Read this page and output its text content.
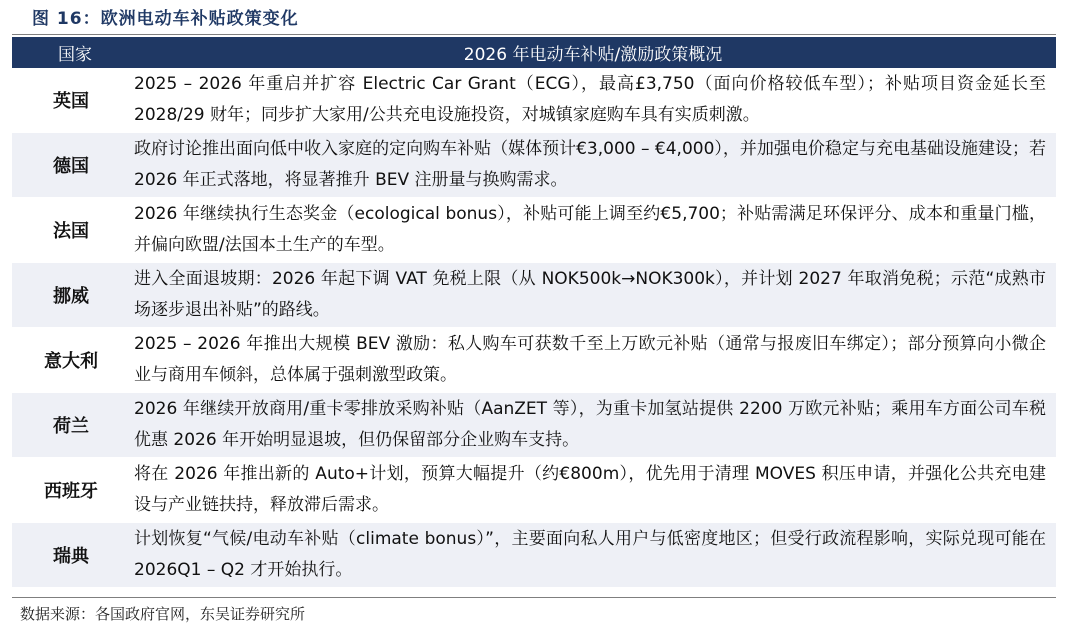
图 16：欧洲电动车补贴政策变化
国家	2026 年电动车补贴/激励政策概况
英国	2025 – 2026 年重启并扩容 Electric Car Grant（ECG），最高£3,750（面向价格较低车型）；补贴项目资金延长至 2028/29 财年；同步扩大家用/公共充电设施投资，对城镇家庭购车具有实质刺激。
德国	政府讨论推出面向低中收入家庭的定向购车补贴（媒体预计€3,000 – €4,000），并加强电价稳定与充电基础设施建设；若 2026 年正式落地，将显著推升 BEV 注册量与换购需求。
法国	2026 年继续执行生态奖金（ecological bonus），补贴可能上调至约€5,700；补贴需满足环保评分、成本和重量门槛，并偏向欧盟/法国本土生产的车型。
挪威	进入全面退坡期：2026 年起下调 VAT 免税上限（从 NOK500k→NOK300k），并计划 2027 年取消免税；示范“成熟市场逐步退出补贴”的路线。
意大利	2025 – 2026 年推出大规模 BEV 激励：私人购车可获数千至上万欧元补贴（通常与报废旧车绑定）；部分预算向小微企业与商用车倾斜，总体属于强刺激型政策。
荷兰	2026 年继续开放商用/重卡零排放采购补贴（AanZET 等），为重卡加氢站提供 2200 万欧元补贴；乘用车方面公司车税优惠 2026 年开始明显退坡，但仍保留部分企业购车支持。
西班牙	将在 2026 年推出新的 Auto+计划，预算大幅提升（约€800m），优先用于清理 MOVES 积压申请，并强化公共充电建设与产业链扶持，释放滞后需求。
瑞典	计划恢复“气候/电动车补贴（climate bonus）”，主要面向私人用户与低密度地区；但受行政流程影响，实际兑现可能在 2026Q1 – Q2 才开始执行。
数据来源：各国政府官网，东吴证券研究所
